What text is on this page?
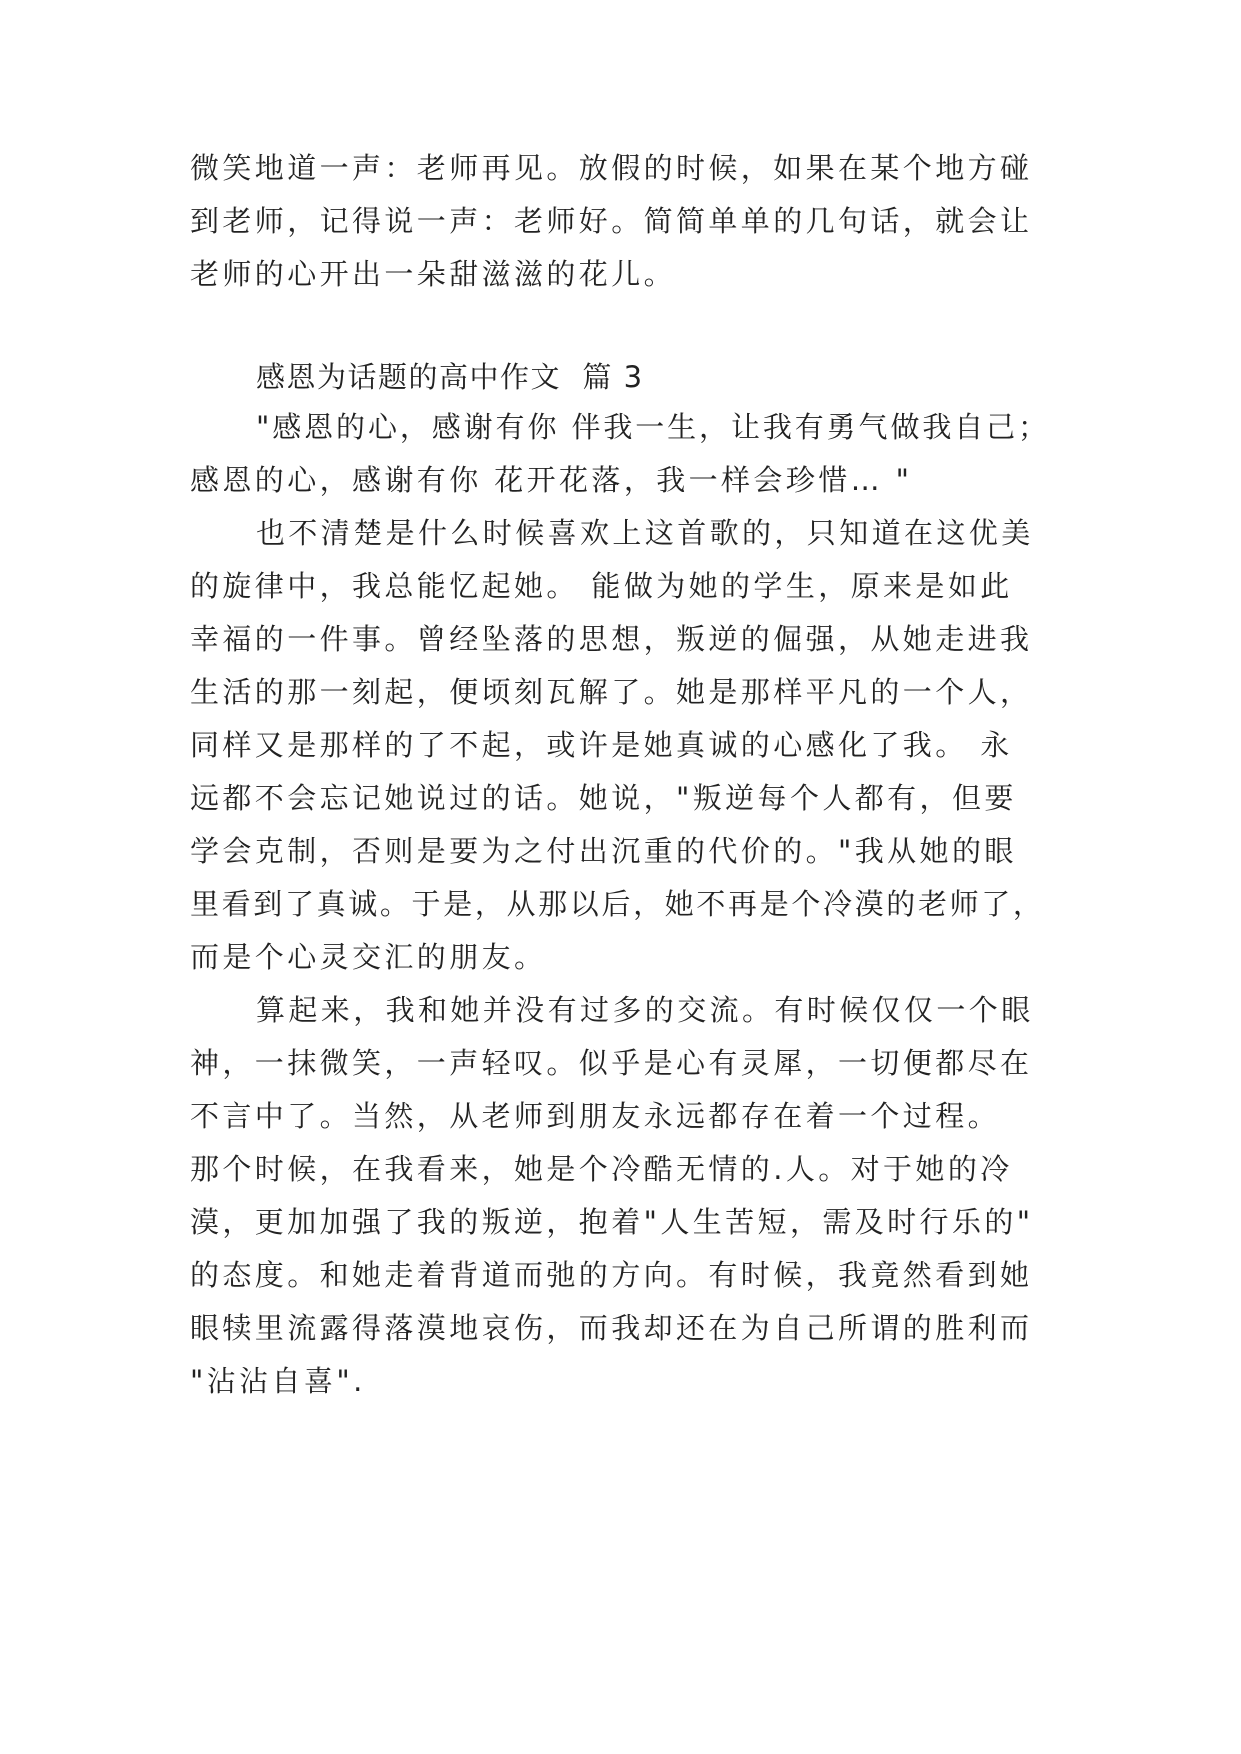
微笑地道一声：老师再见。放假的时候，如果在某个地方碰
到老师，记得说一声：老师好。简简单单的几句话，就会让
老师的心开出一朵甜滋滋的花儿。
感恩为话题的高中作文  篇 3
"感恩的心，感谢有你 伴我一生，让我有勇气做我自己；
感恩的心，感谢有你 花开花落，我一样会珍惜… "
也不清楚是什么时候喜欢上这首歌的，只知道在这优美
的旋律中，我总能忆起她。 能做为她的学生，原来是如此
幸福的一件事。曾经坠落的思想，叛逆的倔强，从她走进我
生活的那一刻起，便顷刻瓦解了。她是那样平凡的一个人，
同样又是那样的了不起，或许是她真诚的心感化了我。 永
远都不会忘记她说过的话。她说，"叛逆每个人都有，但要
学会克制，否则是要为之付出沉重的代价的。"我从她的眼
里看到了真诚。于是，从那以后，她不再是个冷漠的老师了，
而是个心灵交汇的朋友。
算起来，我和她并没有过多的交流。有时候仅仅一个眼
神，一抹微笑，一声轻叹。似乎是心有灵犀，一切便都尽在
不言中了。当然，从老师到朋友永远都存在着一个过程。
那个时候，在我看来，她是个冷酷无情的.人。对于她的冷
漠，更加加强了我的叛逆，抱着"人生苦短，需及时行乐的"
的态度。和她走着背道而弛的方向。有时候，我竟然看到她
眼犊里流露得落漠地哀伤，而我却还在为自己所谓的胜利而
"沾沾自喜".
